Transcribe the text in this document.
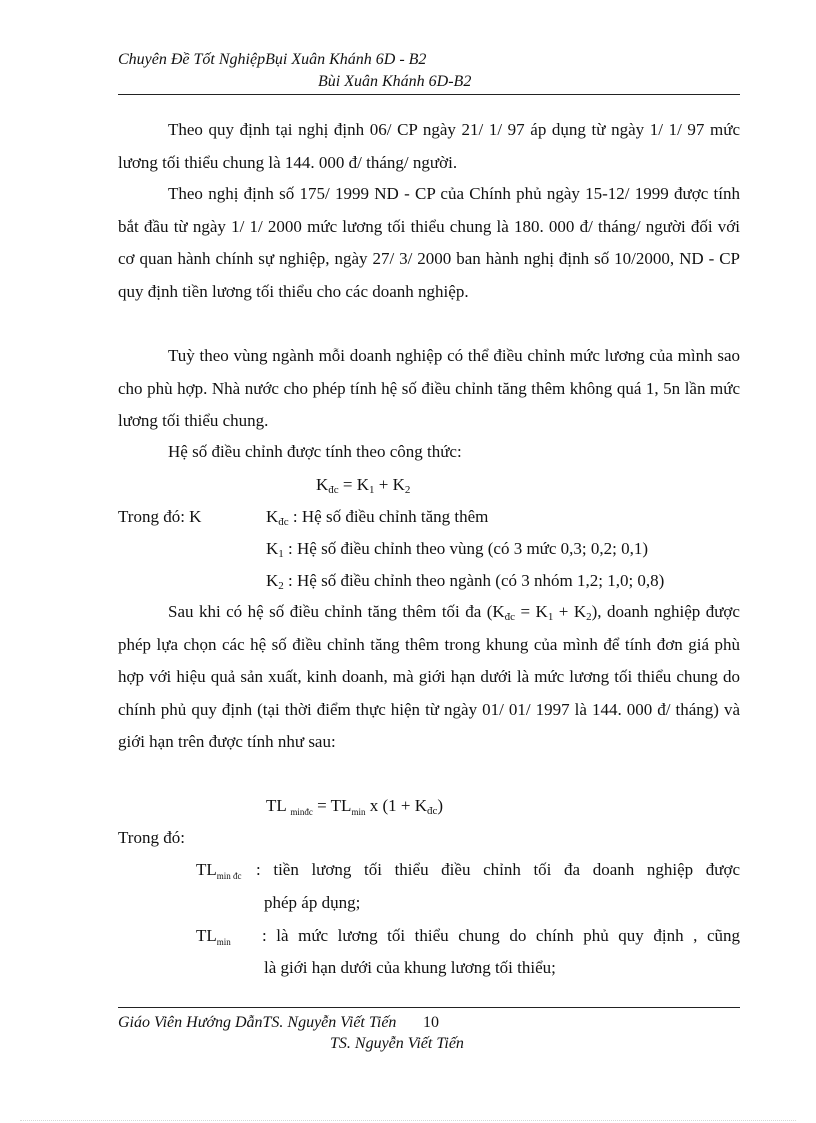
Chuyên Đề Tốt NghiệpBụi Xuân Khánh 6D - B2
Bùi Xuân Khánh 6D-B2
Theo quy định tại nghị định 06/ CP ngày 21/ 1/ 97 áp dụng từ ngày 1/ 1/ 97 mức lương tối thiểu chung là 144. 000 đ/ tháng/ người.
Theo nghị định số 175/ 1999 ND - CP của Chính phủ ngày 15-12/ 1999 được tính bắt đầu từ ngày 1/ 1/ 2000 mức lương tối thiểu chung là 180. 000 đ/ tháng/ người đối với cơ quan hành chính sự nghiệp, ngày 27/ 3/ 2000 ban hành nghị định số 10/2000, ND - CP quy định tiền lương tối thiểu cho các doanh nghiệp.
Tuỳ theo vùng ngành mỗi doanh nghiệp có thể điều chỉnh mức lương của mình sao cho phù hợp. Nhà nước cho phép tính hệ số điều chỉnh tăng thêm không quá 1, 5n lần mức lương tối thiểu chung.
Hệ số điều chỉnh được tính theo công thức:
$K_{đc} = K_1 + K_2$
Trong đó: K	$K_{đc}$ : Hệ số điều chỉnh tăng thêm
$K_1$ : Hệ số điều chỉnh theo vùng (có 3 mức 0,3; 0,2; 0,1)
$K_2$ : Hệ số điều chỉnh theo ngành (có 3 nhóm 1,2; 1,0; 0,8)
Sau khi có hệ số điều chỉnh tăng thêm tối đa $(K_{đc} = K_1 + K_2)$, doanh nghiệp được phép lựa chọn các hệ số điều chỉnh tăng thêm trong khung của mình để tính đơn giá phù hợp với hiệu quả sản xuất, kinh doanh, mà giới hạn dưới là mức lương tối thiểu chung do chính phủ quy định (tại thời điểm thực hiện từ ngày 01/ 01/ 1997 là 144. 000 đ/ tháng) và giới hạn trên được tính như sau:
TL $_{minđc} = TL_{min}$ x $(1 + K_{đc})$
Trong đó:
$TL_{min đc}$ : tiền lương tối thiểu điều chỉnh tối đa doanh nghiệp được
phép áp dụng;
$TL_{min}$ : là mức lương tối thiểu chung do chính phủ quy định , cũng
là giới hạn dưới của khung lương tối thiểu;
Giáo Viên Hướng DẫnTS. Nguyễn Viết Tiến 10
TS. Nguyễn Viết Tiến
